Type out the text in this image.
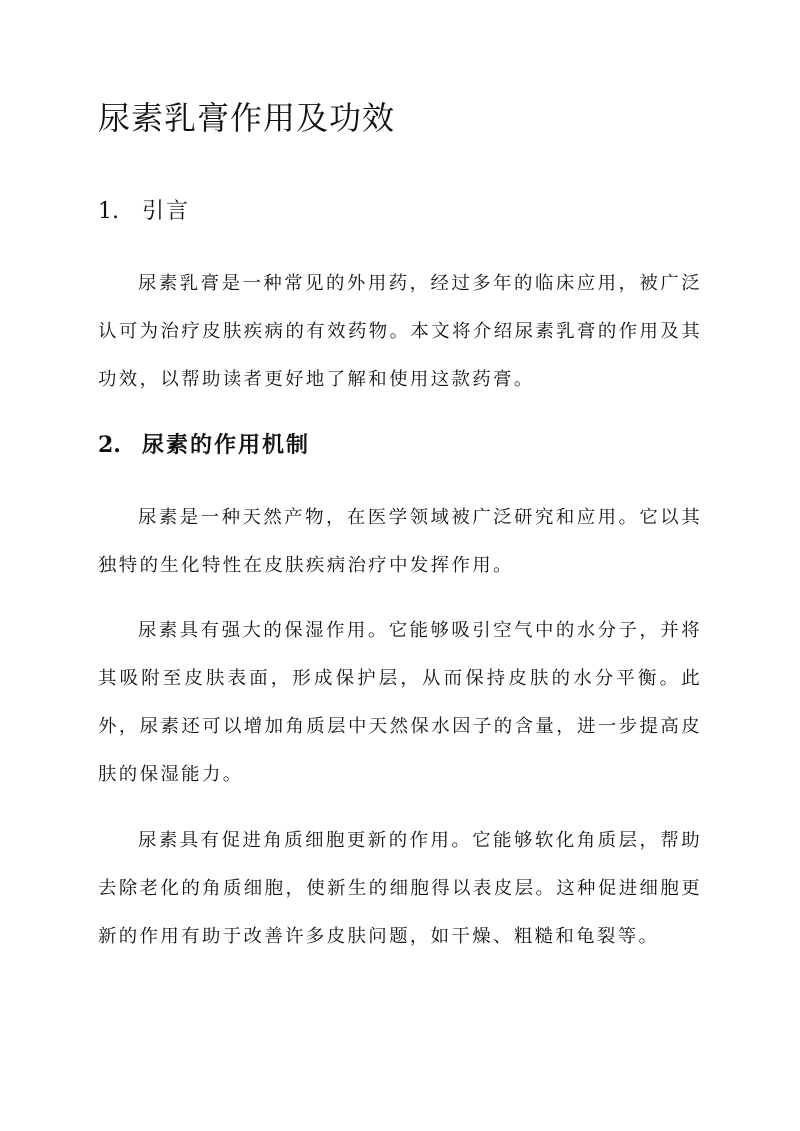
尿素乳膏作用及功效
1. 引言

尿素乳膏是一种常见的外用药，经过多年的临床应用，被广泛认可为治疗皮肤疾病的有效药物。本文将介绍尿素乳膏的作用及其功效，以帮助读者更好地了解和使用这款药膏。

2. 尿素的作用机制

尿素是一种天然产物，在医学领域被广泛研究和应用。它以其独特的生化特性在皮肤疾病治疗中发挥作用。

尿素具有强大的保湿作用。它能够吸引空气中的水分子，并将其吸附至皮肤表面，形成保护层，从而保持皮肤的水分平衡。此外，尿素还可以增加角质层中天然保水因子的含量，进一步提高皮肤的保湿能力。

尿素具有促进角质细胞更新的作用。它能够软化角质层，帮助去除老化的角质细胞，使新生的细胞得以表皮层。这种促进细胞更新的作用有助于改善许多皮肤问题，如干燥、粗糙和龟裂等。
